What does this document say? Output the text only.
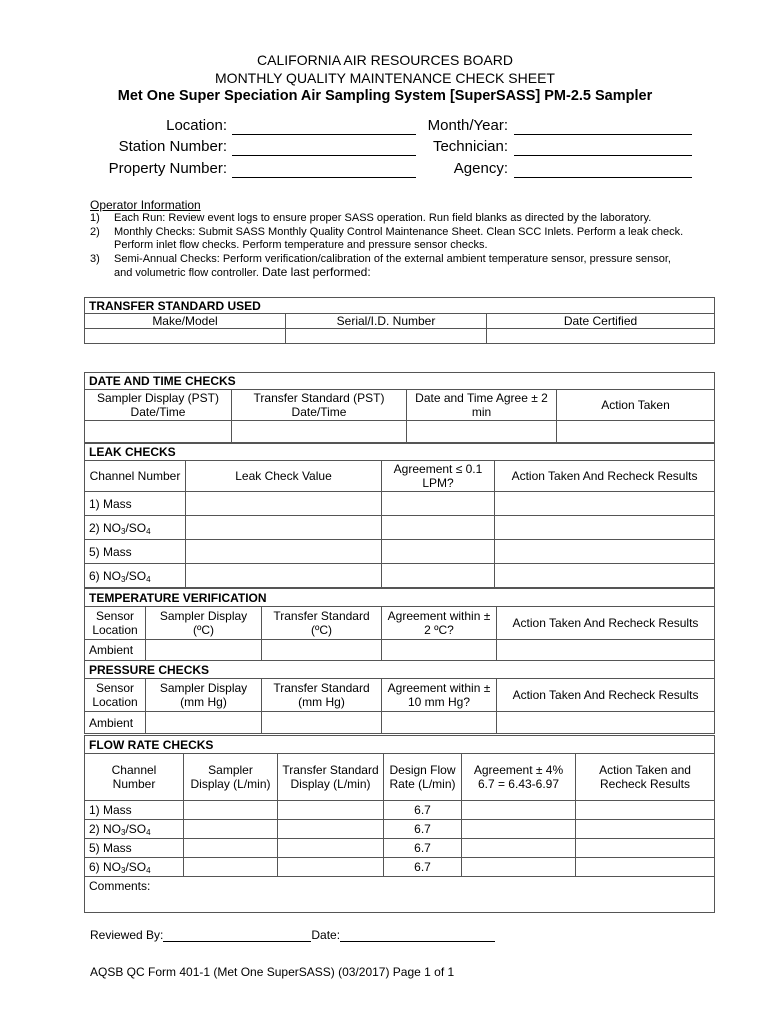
CALIFORNIA AIR RESOURCES BOARD
MONTHLY QUALITY MAINTENANCE CHECK SHEET
Met One Super Speciation Air Sampling System [SuperSASS] PM-2.5 Sampler
Location:
Station Number:
Property Number:
Month/Year:
Technician:
Agency:
Operator Information
1) Each Run: Review event logs to ensure proper SASS operation. Run field blanks as directed by the laboratory.
2) Monthly Checks: Submit SASS Monthly Quality Control Maintenance Sheet. Clean SCC Inlets. Perform a leak check. Perform inlet flow checks. Perform temperature and pressure sensor checks.
3) Semi-Annual Checks: Perform verification/calibration of the external ambient temperature sensor, pressure sensor, and volumetric flow controller. Date last performed:
TRANSFER STANDARD USED		
Make/Model	Serial/I.D. Number	Date Certified

DATE AND TIME CHECKS			
Sampler Display (PST) Date/Time	Transfer Standard (PST) Date/Time	Date and Time Agree ± 2 min	Action Taken

LEAK CHECKS			
Channel Number	Leak Check Value	Agreement ≤ 0.1 LPM?	Action Taken And Recheck Results
1) Mass			
2) $NO_3/SO_4$			
5) Mass			
6) $NO_3/SO_4$			
TEMPERATURE VERIFICATION				
Sensor Location	Sampler Display (ºC)	Transfer Standard (ºC)	Agreement within ± 2 ºC?	Action Taken And Recheck Results
Ambient				
PRESSURE CHECKS				
Sensor Location	Sampler Display (mm Hg)	Transfer Standard (mm Hg)	Agreement within ± 10 mm Hg?	Action Taken And Recheck Results
Ambient				
FLOW RATE CHECKS					
Channel Number	Sampler Display (L/min)	Transfer Standard Display (L/min)	Design Flow Rate (L/min)	Agreement ± 4% 6.7 = 6.43-6.97	Action Taken and Recheck Results
1) Mass			6.7		
2) $NO_3/SO_4$			6.7		
5) Mass			6.7		
6) $NO_3/SO_4$			6.7		
Comments:					
Reviewed By:	Date:
AQSB QC Form 401-1 (Met One SuperSASS) (03/2017) Page 1 of 1
